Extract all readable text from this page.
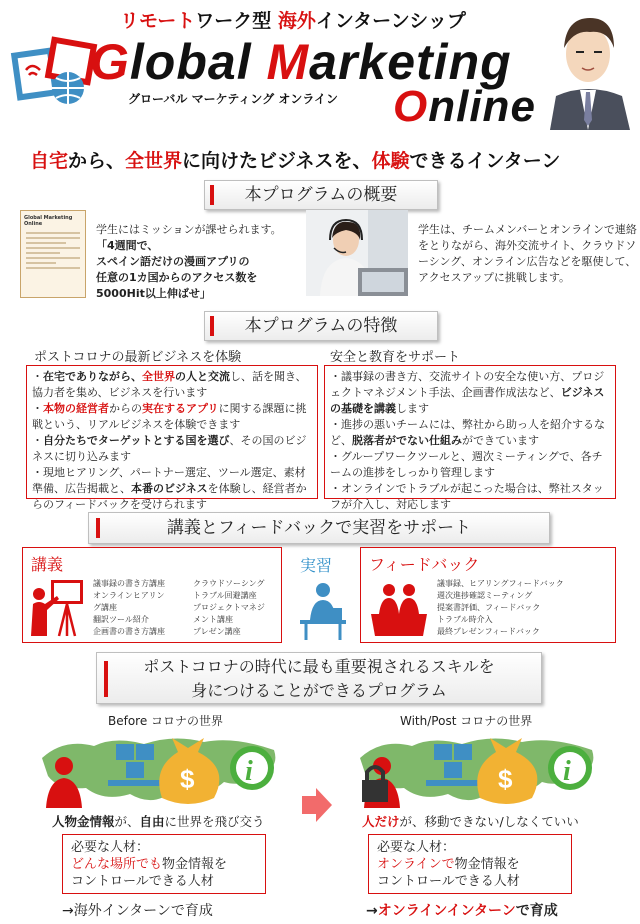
リモートワーク型 海外インターンシップ
Global Marketing
グローバル マーケティング オンライン Online
自宅から、全世界に向けたビジネスを、体験できるインターン
本プログラムの概要
Global Marketing Online	学生にはミッションが課せられます。
「4週間で、
スペイン語だけの漫画アプリの
任意の1カ国からのアクセス数を
5000Hit以上伸ばせ」
学生は、チームメンバーとオンラインで連絡をとりながら、海外交流サイト、クラウドソーシング、オンライン広告などを駆使して、アクセスアップに挑戦します。
本プログラムの特徴
ポストコロナの最新ビジネスを体験	安全と教育をサポート
・在宅でありながら、全世界の人と交流し、話を聞き、協力者を集め、ビジネスを行います
・本物の経営者からの実在するアプリに関する課題に挑戦という、リアルビジネスを体験できます
・自分たちでターゲットとする国を選び、その国のビジネスに切り込みます
・現地ヒアリング、パートナー選定、ツール選定、素材準備、広告掲載と、本番のビジネスを体験し、経営者からのフィードバックを受けられます
・議事録の書き方、交流サイトの安全な使い方、プロジェクトマネジメント手法、企画書作成法など、ビジネスの基礎を講義します
・進捗の悪いチームには、弊社から助っ人を紹介するなど、脱落者がでない仕組みができています
・グループワークツールと、週次ミーティングで、各チームの進捗をしっかり管理します
・オンラインでトラブルが起こった場合は、弊社スタッフが介入し、対応します
講義とフィードバックで実習をサポート
講義
議事録の書き方講座
オンラインヒアリン
グ講座
翻訳ツール紹介
企画書の書き方講座
クラウドソーシング
トラブル回避講座
プロジェクトマネジ
メント講座
プレゼン講座
実習 フィードバック
議事録、ヒアリングフィードバック
週次進捗確認ミーティング
提案書評価、フィードバック
トラブル時介入
最終プレゼンフィードバック
ポストコロナの時代に最も重要視されるスキルを
身につけることができるプログラム
Before コロナの世界	With/Post コロナの世界
$ i	$ i
人物金情報が、自由に世界を飛び交う	人だけが、移動できない/しなくていい
必要な人材：
どんな場所でも物金情報を
コントロールできる人材
必要な人材：
オンラインで物金情報を
コントロールできる人材
→海外インターンで育成	→オンラインインターンで育成
